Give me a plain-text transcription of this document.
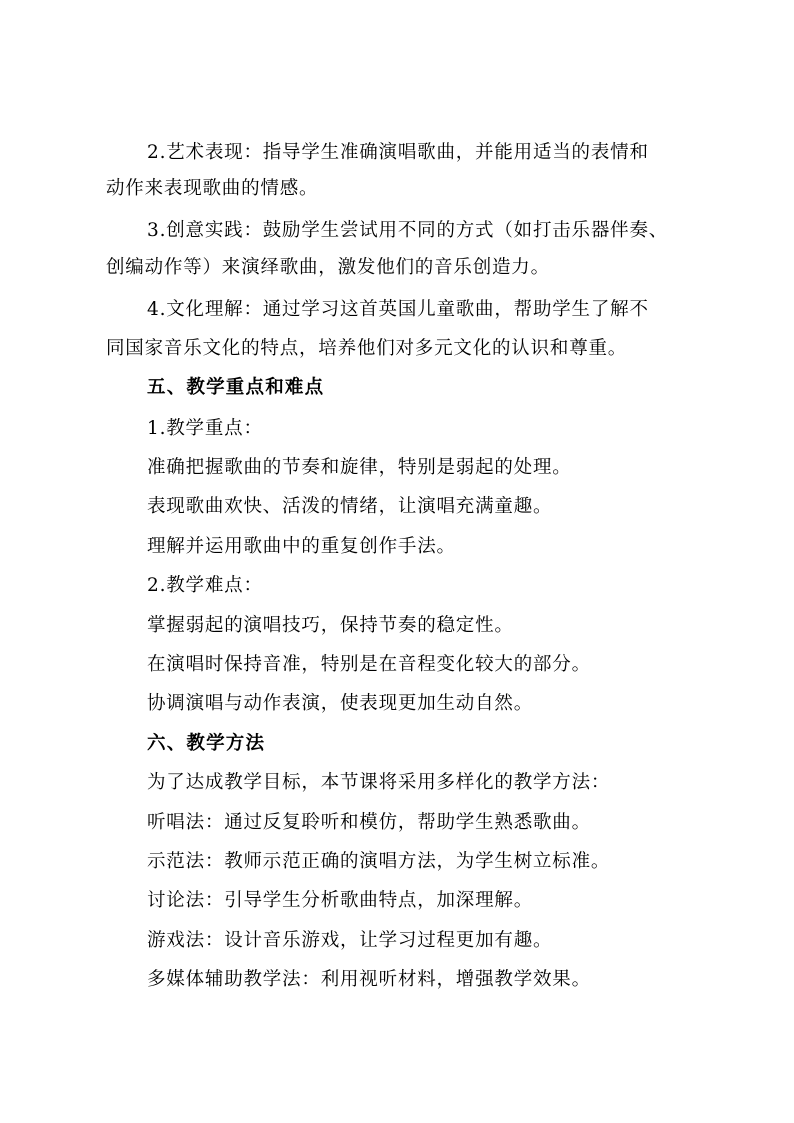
2.艺术表现：指导学生准确演唱歌曲，并能用适当的表情和
动作来表现歌曲的情感。
3.创意实践：鼓励学生尝试用不同的方式（如打击乐器伴奏、
创编动作等）来演绎歌曲，激发他们的音乐创造力。
4.文化理解：通过学习这首英国儿童歌曲，帮助学生了解不
同国家音乐文化的特点，培养他们对多元文化的认识和尊重。
五、教学重点和难点
1.教学重点：
准确把握歌曲的节奏和旋律，特别是弱起的处理。
表现歌曲欢快、活泼的情绪，让演唱充满童趣。
理解并运用歌曲中的重复创作手法。
2.教学难点：
掌握弱起的演唱技巧，保持节奏的稳定性。
在演唱时保持音准，特别是在音程变化较大的部分。
协调演唱与动作表演，使表现更加生动自然。
六、教学方法
为了达成教学目标，本节课将采用多样化的教学方法：
听唱法：通过反复聆听和模仿，帮助学生熟悉歌曲。
示范法：教师示范正确的演唱方法，为学生树立标准。
讨论法：引导学生分析歌曲特点，加深理解。
游戏法：设计音乐游戏，让学习过程更加有趣。
多媒体辅助教学法：利用视听材料，增强教学效果。
